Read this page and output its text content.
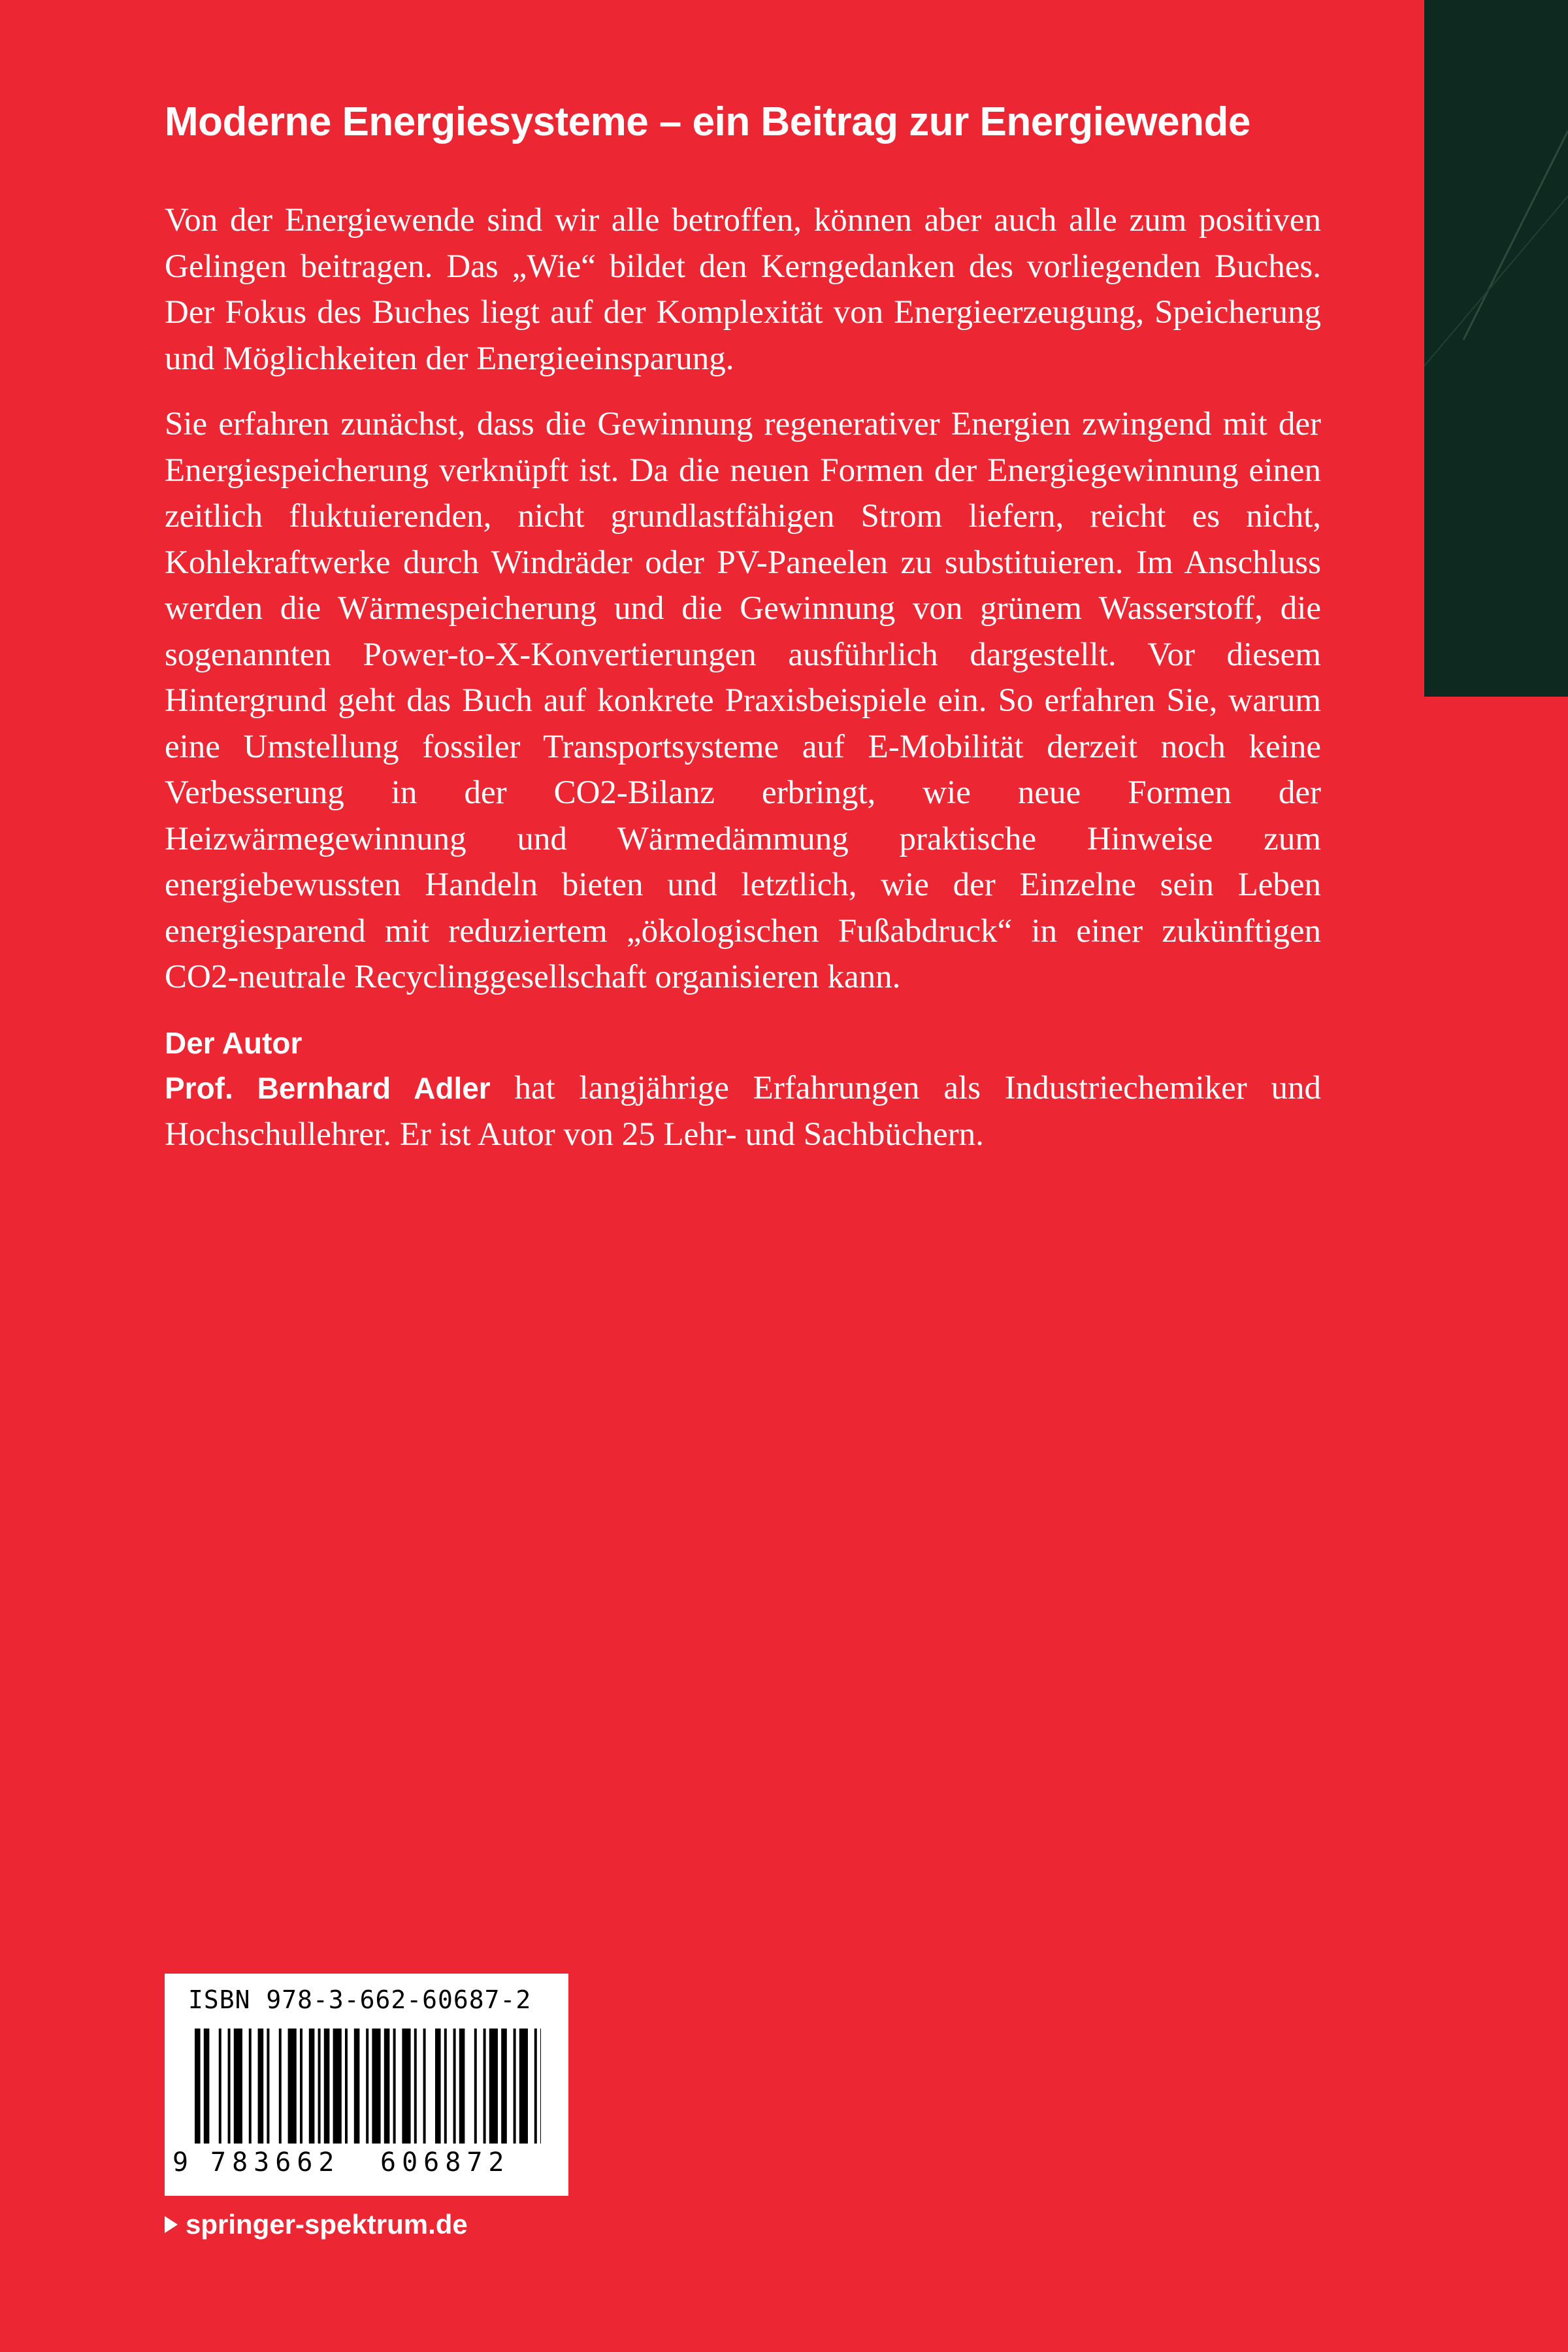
Moderne Energiesysteme – ein Beitrag zur Energiewende

Von der Energiewende sind wir alle betroffen, können aber auch alle zum positiven Gelingen beitragen. Das „Wie“ bildet den Kerngedanken des vorliegenden Buches. Der Fokus des Buches liegt auf der Komplexität von Energieerzeugung, Speicherung und Möglichkeiten der Energieeinsparung.

Sie erfahren zunächst, dass die Gewinnung regenerativer Energien zwingend mit der Energiespeicherung verknüpft ist. Da die neuen Formen der Energiegewinnung einen zeitlich fluktuierenden, nicht grundlastfähigen Strom liefern, reicht es nicht, Kohlekraftwerke durch Windräder oder PV-Paneelen zu substituieren. Im Anschluss werden die Wärmespeicherung und die Gewinnung von grünem Wasserstoff, die sogenannten Power-to-X-Konvertierungen ausführlich dargestellt. Vor diesem Hintergrund geht das Buch auf konkrete Praxisbeispiele ein. So erfahren Sie, warum eine Umstellung fossiler Transportsysteme auf E-Mobilität derzeit noch keine Verbesserung in der CO2-Bilanz erbringt, wie neue Formen der Heizwärmegewinnung und Wärmedämmung praktische Hinweise zum energiebewussten Handeln bieten und letztlich, wie der Einzelne sein Leben energiesparend mit reduziertem „ökologischen Fußabdruck“ in einer zukünftigen CO2-neutrale Recyclinggesellschaft organisieren kann.

Der Autor

Prof. Bernhard Adler hat langjährige Erfahrungen als Industriechemiker und Hochschullehrer. Er ist Autor von 25 Lehr- und Sachbüchern.

ISBN 978-3-662-60687-2
9 783662 606872
springer-spektrum.de
